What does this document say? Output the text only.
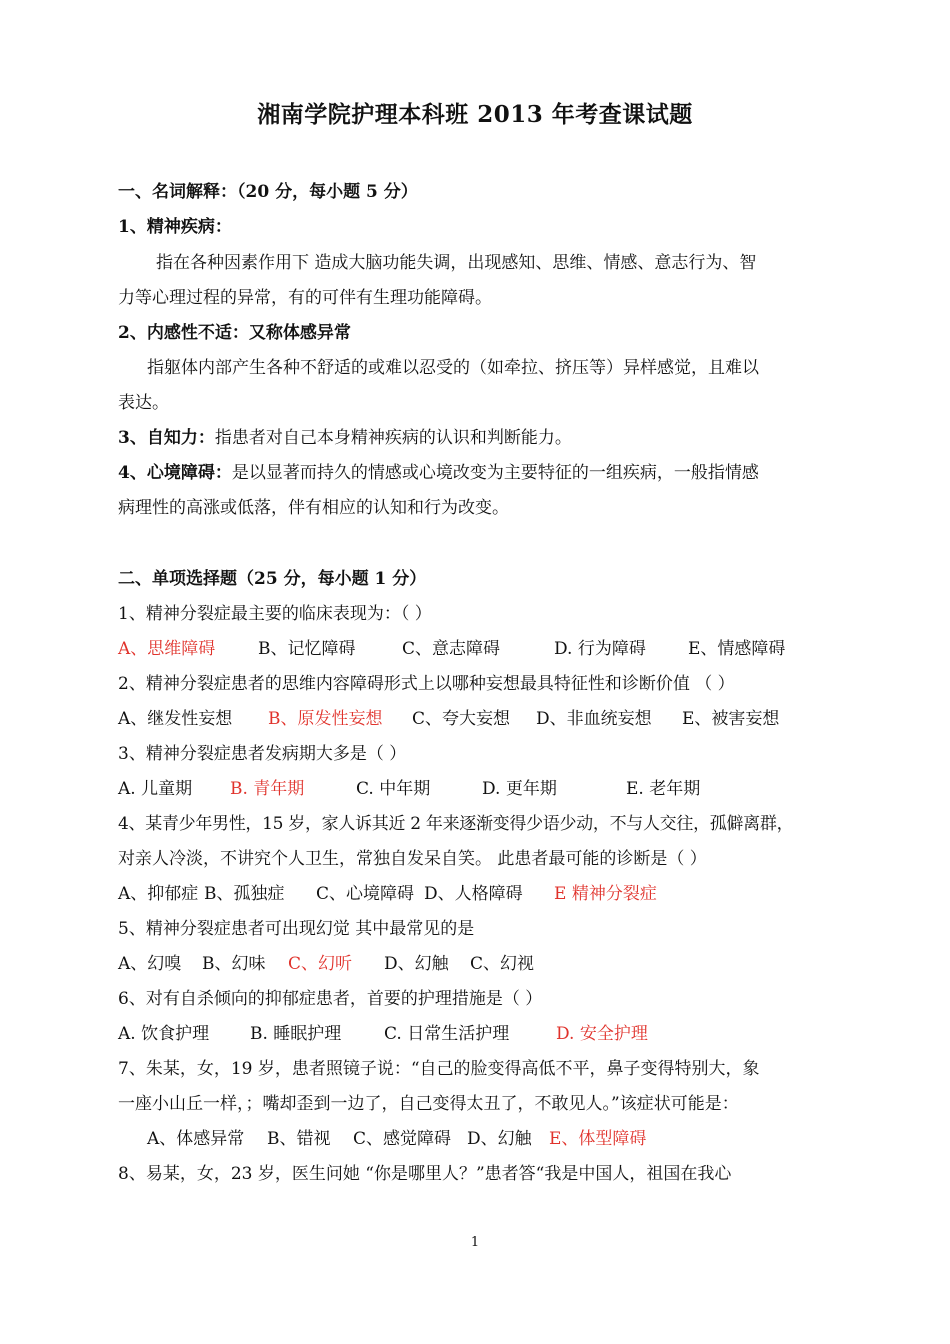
湘南学院护理本科班 2013 年考查课试题
一、名词解释：（20 分，每小题 5 分）
1、精神疾病：
指在各种因素作用下 造成大脑功能失调，出现感知、思维、情感、意志行为、智
力等心理过程的异常，有的可伴有生理功能障碍。
2、内感性不适：又称体感异常
指躯体内部产生各种不舒适的或难以忍受的（如牵拉、挤压等）异样感觉，且难以
表达。
3、自知力：指患者对自己本身精神疾病的认识和判断能力。
4、心境障碍：是以显著而持久的情感或心境改变为主要特征的一组疾病，一般指情感
病理性的高涨或低落，伴有相应的认知和行为改变。
二、单项选择题（25 分，每小题 1 分）
1、精神分裂症最主要的临床表现为：（ ）
A、思维障碍	B、记忆障碍	C、意志障碍	D. 行为障碍 E、情感障碍
2、精神分裂症患者的思维内容障碍形式上以哪种妄想最具特征性和诊断价值 （ ）
A、继发性妄想 B、原发性妄想 C、夸大妄想 D、非血统妄想 E、被害妄想
3、精神分裂症患者发病期大多是（ ）
A. 儿童期 B. 青年期	C. 中年期	D. 更年期	E. 老年期
4、某青少年男性，15 岁，家人诉其近 2 年来逐渐变得少语少动，不与人交往，孤僻离群，
对亲人冷淡，不讲究个人卫生，常独自发呆自笑。 此患者最可能的诊断是（ ）
A、抑郁症 B、孤独症 C、心境障碍 D、人格障碍 E 精神分裂症
5、精神分裂症患者可出现幻觉 其中最常见的是
A、幻嗅 B、幻味 C、幻听 D、幻触 C、幻视
6、对有自杀倾向的抑郁症患者，首要的护理措施是（ ）
A. 饮食护理 B. 睡眠护理	C. 日常生活护理	D. 安全护理
7、朱某，女，19 岁，患者照镜子说：“自己的脸变得高低不平，鼻子变得特别大，象
一座小山丘一样，；嘴却歪到一边了，自己变得太丑了，不敢见人。”该症状可能是：
A、体感异常 B、错视 C、感觉障碍 D、幻触 E、体型障碍
8、易某，女，23 岁，医生问她 “你是哪里人？”患者答“我是中国人，祖国在我心
1
